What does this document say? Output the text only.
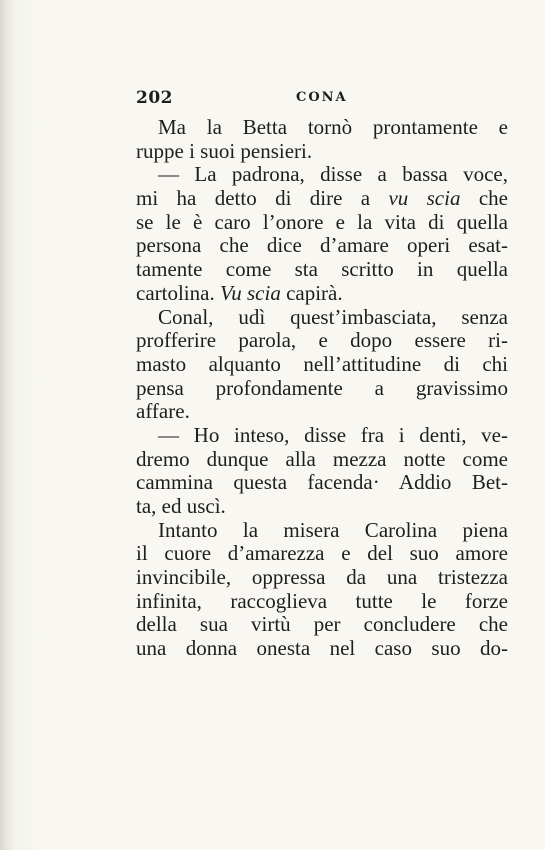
202	CONA
Ma la Betta tornò prontamente e
ruppe i suoi pensieri.
— La padrona, disse a bassa voce,
mi ha detto di dire a vu scia che
se le è caro l’onore e la vita di quella
persona che dice d’amare operi esat-
tamente come sta scritto in quella
cartolina. Vu scia capirà.
Conal, udì quest’imbasciata, senza
profferire parola, e dopo essere ri-
masto alquanto nell’attitudine di chi
pensa profondamente a gravissimo
affare.
— Ho inteso, disse fra i denti, ve-
dremo dunque alla mezza notte come
cammina questa facenda· Addio Bet-
ta, ed uscì.
Intanto la misera Carolina piena
il cuore d’amarezza e del suo amore
invincibile, oppressa da una tristezza
infinita, raccoglieva tutte le forze
della sua virtù per concludere che
una donna onesta nel caso suo do-
